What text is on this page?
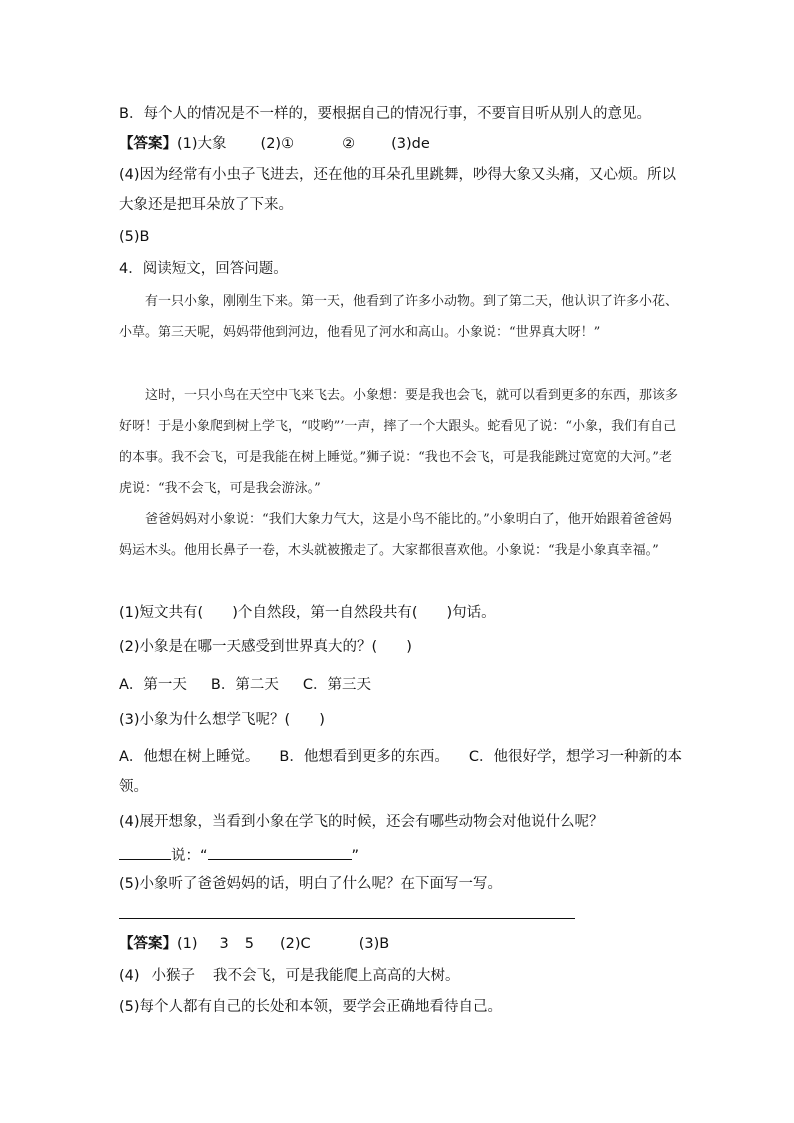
B．每个人的情况是不一样的，要根据自己的情况行事，不要盲目听从别人的意见。
【答案】(1)大象 (2)①	② (3)de
(4)因为经常有小虫子飞进去，还在他的耳朵孔里跳舞，吵得大象又头痛，又心烦。所以
大象还是把耳朵放了下来。
(5)B
4．阅读短文，回答问题。

有一只小象，刚刚生下来。第一天，他看到了许多小动物。到了第二天，他认识了许多小花、小草。第三天呢，妈妈带他到河边，他看见了河水和高山。小象说：“世界真大呀！”

这时，一只小鸟在天空中飞来飞去。小象想：要是我也会飞，就可以看到更多的东西，那该多好呀！于是小象爬到树上学飞，“哎哟”’一声，摔了一个大跟头。蛇看见了说：“小象，我们有自己的本事。我不会飞，可是我能在树上睡觉。”狮子说：“我也不会飞，可是我能跳过宽宽的大河。”老虎说：“我不会飞，可是我会游泳。”

爸爸妈妈对小象说：“我们大象力气大，这是小鸟不能比的。”小象明白了，他开始跟着爸爸妈妈运木头。他用长鼻子一卷，木头就被搬走了。大家都很喜欢他。小象说：“我是小象真幸福。”

(1)短文共有(　　)个自然段，第一自然段共有(　　)句话。
(2)小象是在哪一天感受到世界真大的？(　　)
A．第一天 B．第二天 C．第三天
(3)小象为什么想学飞呢？(　　)
A．他想在树上睡觉。 B．他想看到更多的东西。 C．他很好学，想学习一种新的本
领。
(4)展开想象，当看到小象在学飞的时候，还会有哪些动物会对他说什么呢？
说：“	”
(5)小象听了爸爸妈妈的话，明白了什么呢？在下面写一写。
【答案】(1) 3 5 (2)C	(3)B
(4) 小猴子 我不会飞，可是我能爬上高高的大树。
(5)每个人都有自己的长处和本领，要学会正确地看待自己。
